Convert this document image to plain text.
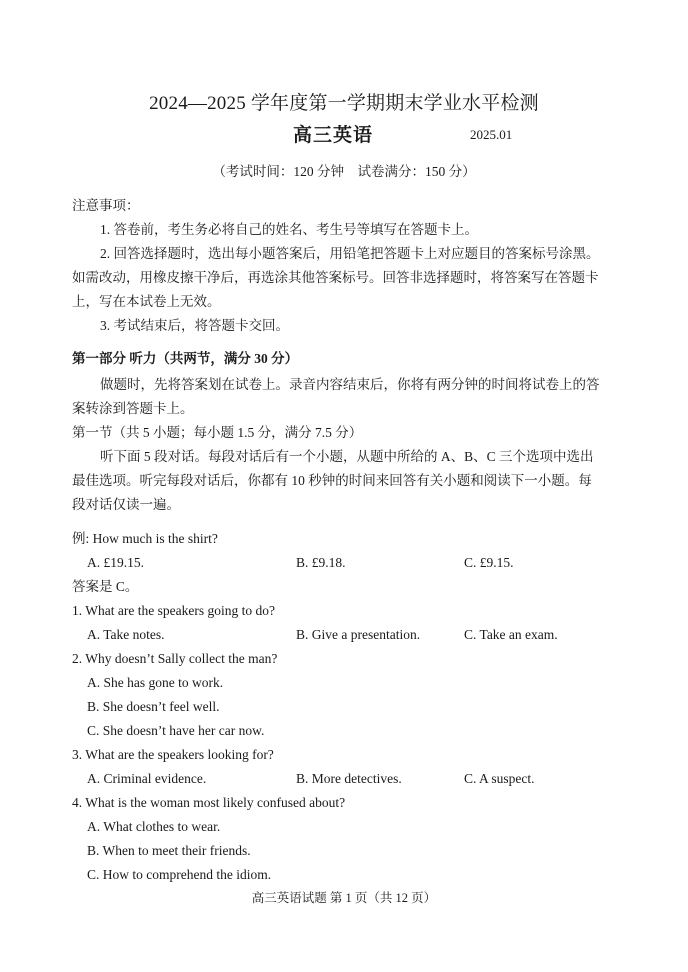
2024—2025 学年度第一学期期末学业水平检测
高三英语	2025.01
（考试时间：120 分钟　试卷满分：150 分）
注意事项：
1. 答卷前，考生务必将自己的姓名、考生号等填写在答题卡上。
2. 回答选择题时，选出每小题答案后，用铅笔把答题卡上对应题目的答案标号涂黑。
如需改动，用橡皮擦干净后，再选涂其他答案标号。回答非选择题时，将答案写在答题卡
上，写在本试卷上无效。
3. 考试结束后，将答题卡交回。
第一部分 听力（共两节，满分 30 分）
做题时，先将答案划在试卷上。录音内容结束后，你将有两分钟的时间将试卷上的答
案转涂到答题卡上。
第一节（共 5 小题；每小题 1.5 分，满分 7.5 分）
听下面 5 段对话。每段对话后有一个小题，从题中所给的 A、B、C 三个选项中选出
最佳选项。听完每段对话后，你都有 10 秒钟的时间来回答有关小题和阅读下一小题。每
段对话仅读一遍。
例: How much is the shirt?
A. £19.15.	B. £9.18.	C. £9.15.
答案是 C。
1. What are the speakers going to do?
A. Take notes.	B. Give a presentation.	C. Take an exam.
2. Why doesn’t Sally collect the man?
A. She has gone to work.
B. She doesn’t feel well.
C. She doesn’t have her car now.
3. What are the speakers looking for?
A. Criminal evidence.	B. More detectives.	C. A suspect.
4. What is the woman most likely confused about?
A. What clothes to wear.
B. When to meet their friends.
C. How to comprehend the idiom.
高三英语试题 第 1 页（共 12 页）
